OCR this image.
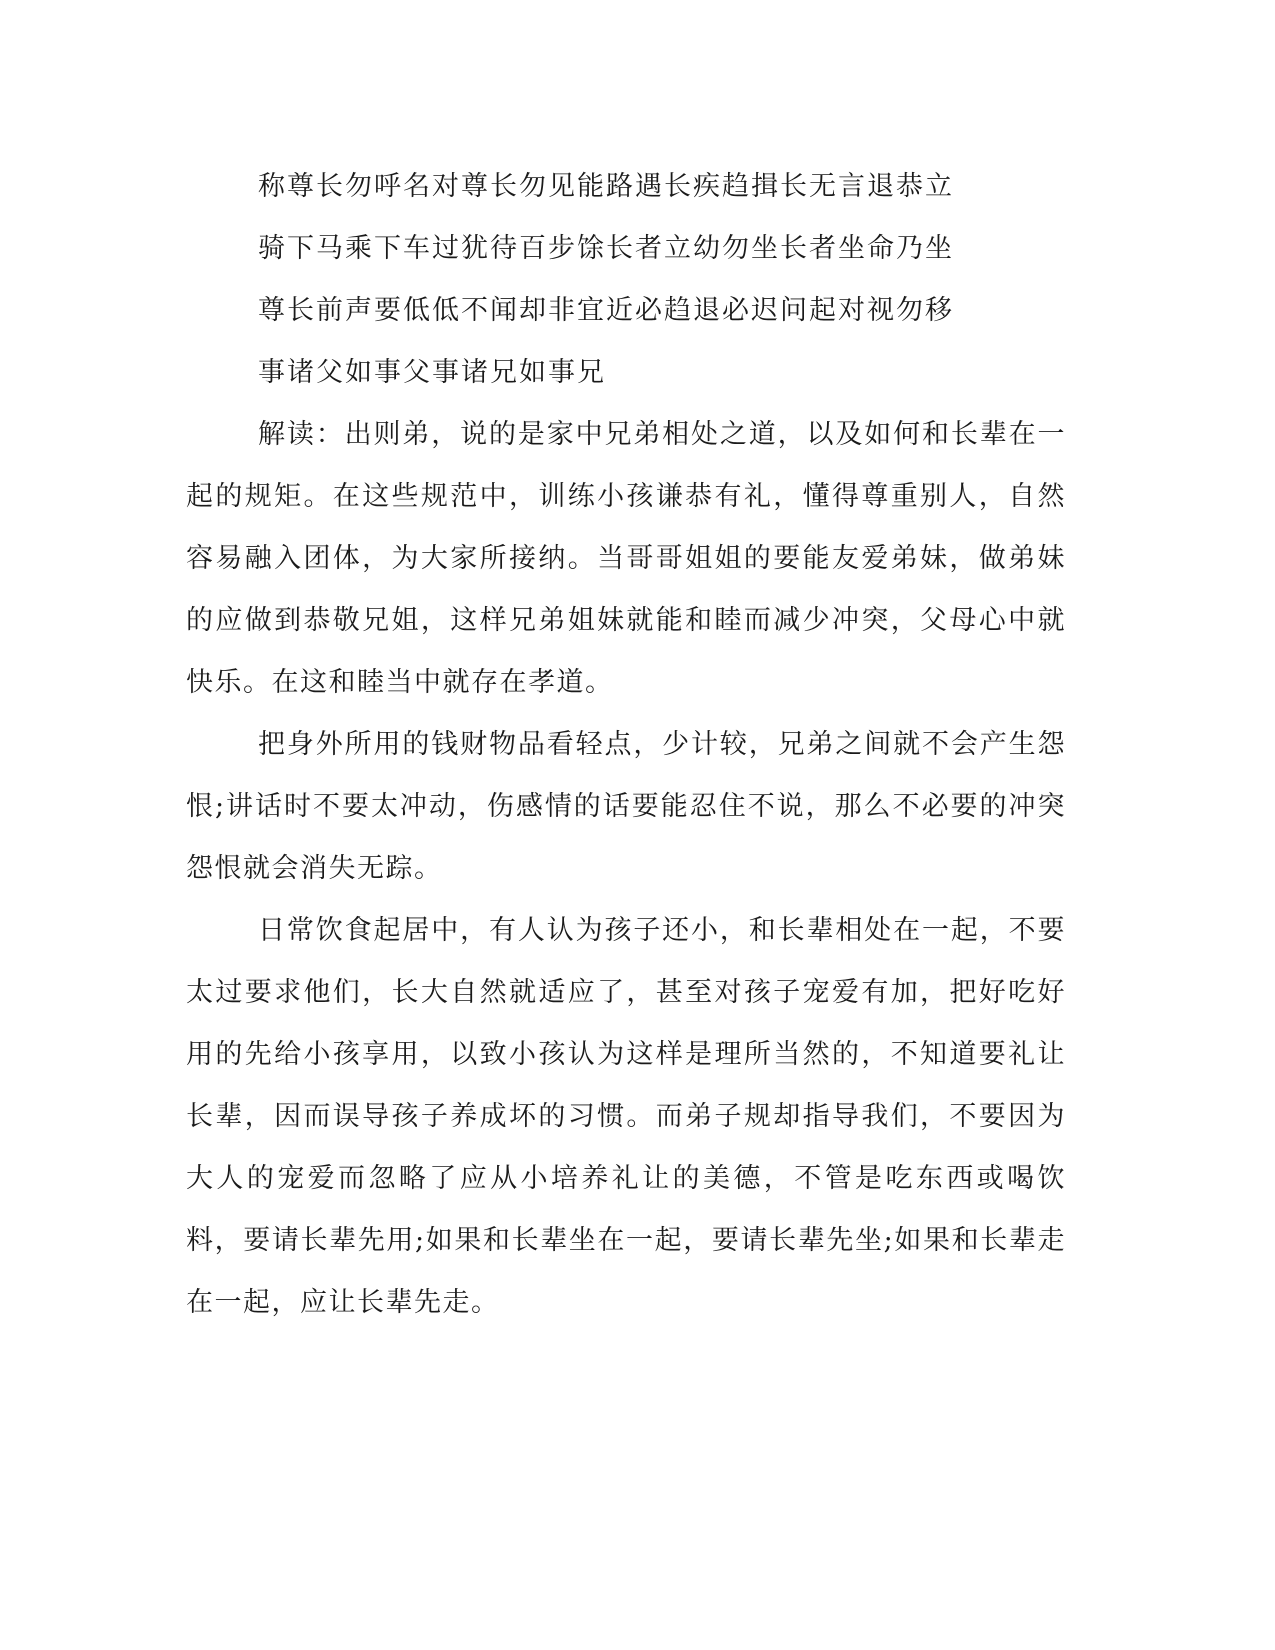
称尊长勿呼名对尊长勿见能路遇长疾趋揖长无言退恭立

骑下马乘下车过犹待百步馀长者立幼勿坐长者坐命乃坐

尊长前声要低低不闻却非宜近必趋退必迟问起对视勿移

事诸父如事父事诸兄如事兄

解读：出则弟，说的是家中兄弟相处之道，以及如何和长辈在一起的规矩。在这些规范中，训练小孩谦恭有礼，懂得尊重别人，自然容易融入团体，为大家所接纳。当哥哥姐姐的要能友爱弟妹，做弟妹的应做到恭敬兄姐，这样兄弟姐妹就能和睦而减少冲突，父母心中就快乐。在这和睦当中就存在孝道。

把身外所用的钱财物品看轻点，少计较，兄弟之间就不会产生怨恨;讲话时不要太冲动，伤感情的话要能忍住不说，那么不必要的冲突怨恨就会消失无踪。

日常饮食起居中，有人认为孩子还小，和长辈相处在一起，不要太过要求他们，长大自然就适应了，甚至对孩子宠爱有加，把好吃好用的先给小孩享用，以致小孩认为这样是理所当然的，不知道要礼让长辈，因而误导孩子养成坏的习惯。而弟子规却指导我们，不要因为大人的宠爱而忽略了应从小培养礼让的美德，不管是吃东西或喝饮料，要请长辈先用;如果和长辈坐在一起，要请长辈先坐;如果和长辈走在一起，应让长辈先走。
